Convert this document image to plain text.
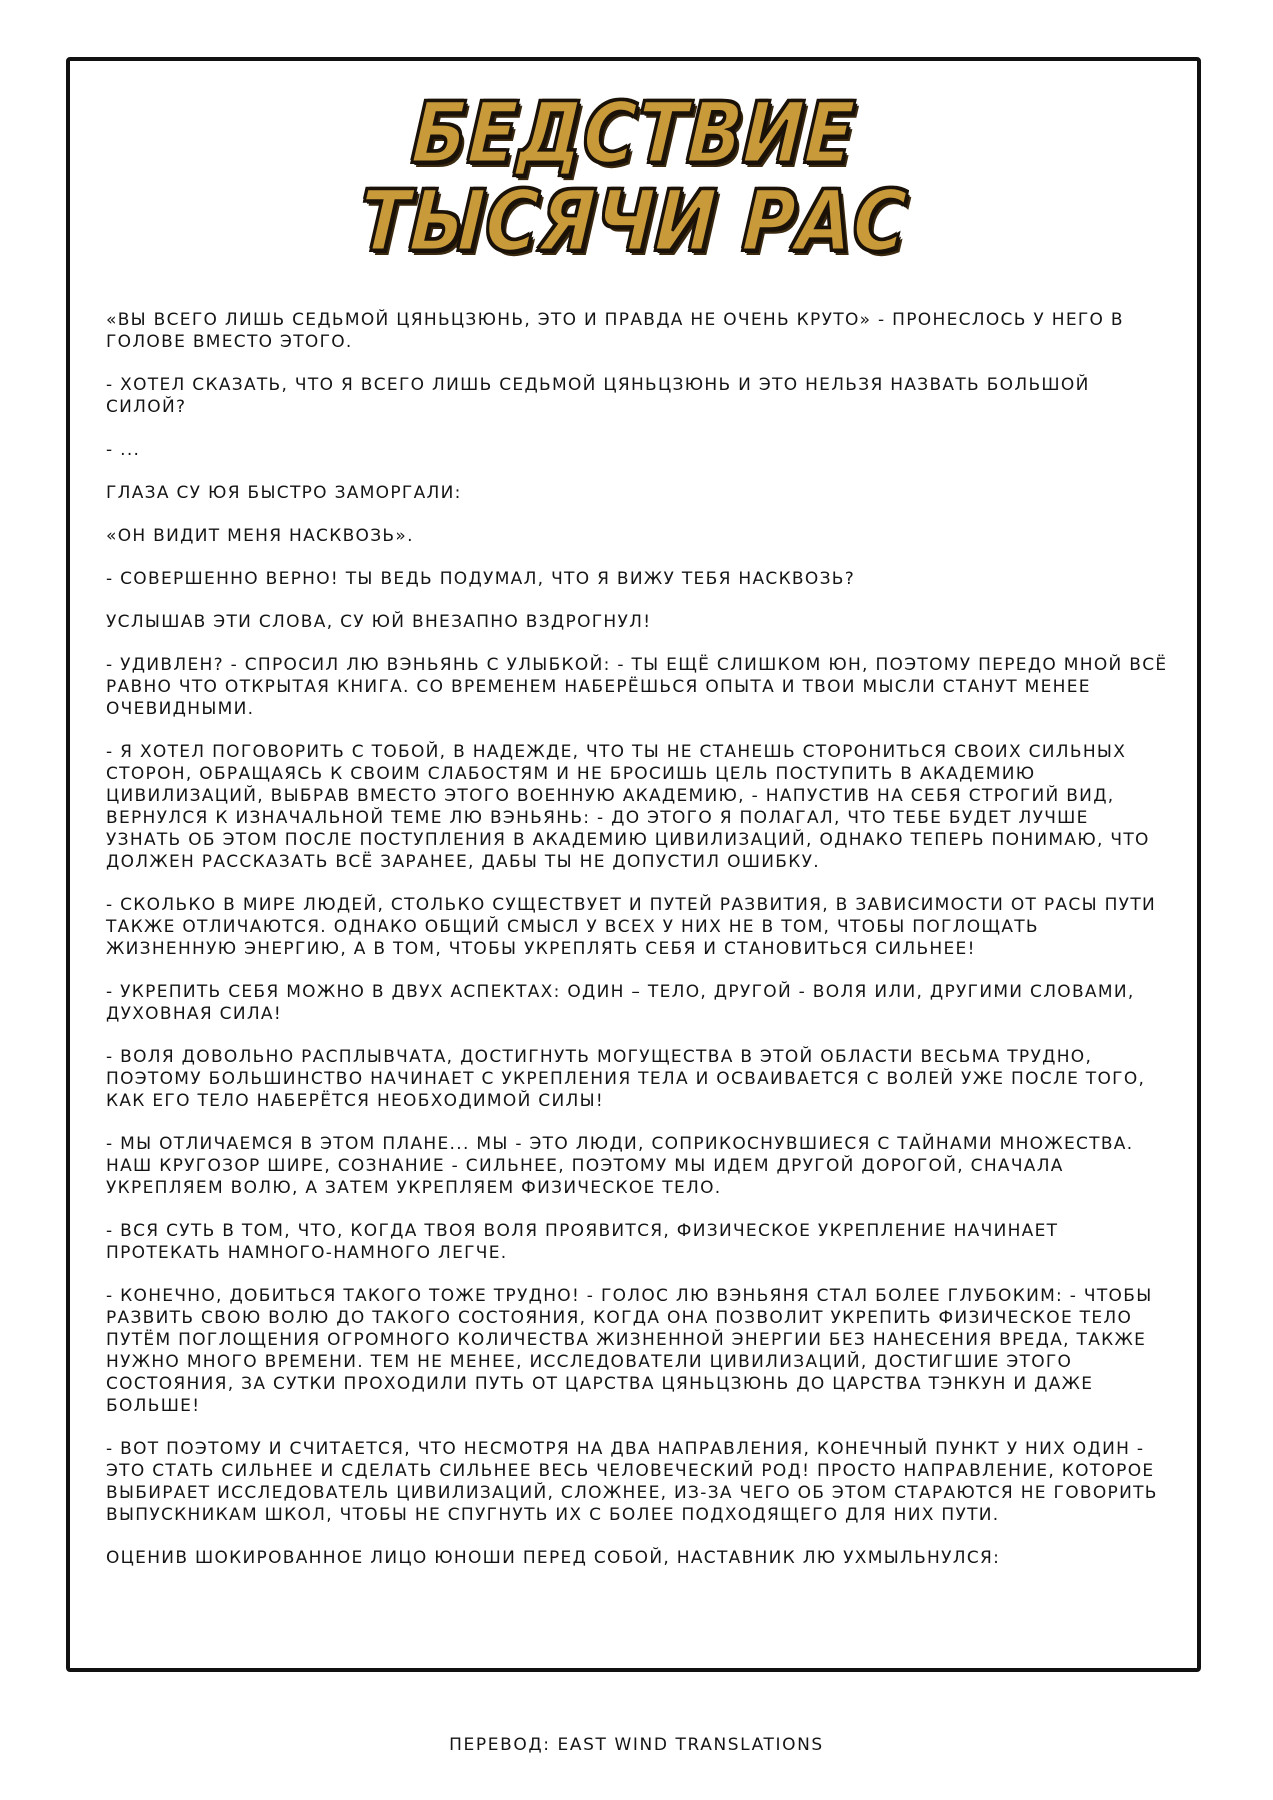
БЕДСТВИЕ
ТЫСЯЧИ РАС

«ВЫ ВСЕГО ЛИШЬ СЕДЬМОЙ ЦЯНЬЦЗЮНЬ, ЭТО И ПРАВДА НЕ ОЧЕНЬ КРУТО» - ПРОНЕСЛОСЬ У НЕГО В ГОЛОВЕ ВМЕСТО ЭТОГО.

- ХОТЕЛ СКАЗАТЬ, ЧТО Я ВСЕГО ЛИШЬ СЕДЬМОЙ ЦЯНЬЦЗЮНЬ И ЭТО НЕЛЬЗЯ НАЗВАТЬ БОЛЬШОЙ СИЛОЙ?

- ...

ГЛАЗА СУ ЮЯ БЫСТРО ЗАМОРГАЛИ:

«ОН ВИДИТ МЕНЯ НАСКВОЗЬ».

- СОВЕРШЕННО ВЕРНО! ТЫ ВЕДЬ ПОДУМАЛ, ЧТО Я ВИЖУ ТЕБЯ НАСКВОЗЬ?

УСЛЫШАВ ЭТИ СЛОВА, СУ ЮЙ ВНЕЗАПНО ВЗДРОГНУЛ!

- УДИВЛЕН? - СПРОСИЛ ЛЮ ВЭНЬЯНЬ С УЛЫБКОЙ: - ТЫ ЕЩЁ СЛИШКОМ ЮН, ПОЭТОМУ ПЕРЕДО МНОЙ ВСЁ РАВНО ЧТО ОТКРЫТАЯ КНИГА. СО ВРЕМЕНЕМ НАБЕРЁШЬСЯ ОПЫТА И ТВОИ МЫСЛИ СТАНУТ МЕНЕЕ ОЧЕВИДНЫМИ.

- Я ХОТЕЛ ПОГОВОРИТЬ С ТОБОЙ, В НАДЕЖДЕ, ЧТО ТЫ НЕ СТАНЕШЬ СТОРОНИТЬСЯ СВОИХ СИЛЬНЫХ СТОРОН, ОБРАЩАЯСЬ К СВОИМ СЛАБОСТЯМ И НЕ БРОСИШЬ ЦЕЛЬ ПОСТУПИТЬ В АКАДЕМИЮ ЦИВИЛИЗАЦИЙ, ВЫБРАВ ВМЕСТО ЭТОГО ВОЕННУЮ АКАДЕМИЮ, - НАПУСТИВ НА СЕБЯ СТРОГИЙ ВИД, ВЕРНУЛСЯ К ИЗНАЧАЛЬНОЙ ТЕМЕ ЛЮ ВЭНЬЯНЬ: - ДО ЭТОГО Я ПОЛАГАЛ, ЧТО ТЕБЕ БУДЕТ ЛУЧШЕ УЗНАТЬ ОБ ЭТОМ ПОСЛЕ ПОСТУПЛЕНИЯ В АКАДЕМИЮ ЦИВИЛИЗАЦИЙ, ОДНАКО ТЕПЕРЬ ПОНИМАЮ, ЧТО ДОЛЖЕН РАССКАЗАТЬ ВСЁ ЗАРАНЕЕ, ДАБЫ ТЫ НЕ ДОПУСТИЛ ОШИБКУ.

- СКОЛЬКО В МИРЕ ЛЮДЕЙ, СТОЛЬКО СУЩЕСТВУЕТ И ПУТЕЙ РАЗВИТИЯ, В ЗАВИСИМОСТИ ОТ РАСЫ ПУТИ ТАКЖЕ ОТЛИЧАЮТСЯ. ОДНАКО ОБЩИЙ СМЫСЛ У ВСЕХ У НИХ НЕ В ТОМ, ЧТОБЫ ПОГЛОЩАТЬ ЖИЗНЕННУЮ ЭНЕРГИЮ, А В ТОМ, ЧТОБЫ УКРЕПЛЯТЬ СЕБЯ И СТАНОВИТЬСЯ СИЛЬНЕЕ!

- УКРЕПИТЬ СЕБЯ МОЖНО В ДВУХ АСПЕКТАХ: ОДИН – ТЕЛО, ДРУГОЙ - ВОЛЯ ИЛИ, ДРУГИМИ СЛОВАМИ, ДУХОВНАЯ СИЛА!

- ВОЛЯ ДОВОЛЬНО РАСПЛЫВЧАТА, ДОСТИГНУТЬ МОГУЩЕСТВА В ЭТОЙ ОБЛАСТИ ВЕСЬМА ТРУДНО, ПОЭТОМУ БОЛЬШИНСТВО НАЧИНАЕТ С УКРЕПЛЕНИЯ ТЕЛА И ОСВАИВАЕТСЯ С ВОЛЕЙ УЖЕ ПОСЛЕ ТОГО, КАК ЕГО ТЕЛО НАБЕРЁТСЯ НЕОБХОДИМОЙ СИЛЫ!

- МЫ ОТЛИЧАЕМСЯ В ЭТОМ ПЛАНЕ... МЫ - ЭТО ЛЮДИ, СОПРИКОСНУВШИЕСЯ С ТАЙНАМИ МНОЖЕСТВА. НАШ КРУГОЗОР ШИРЕ, СОЗНАНИЕ - СИЛЬНЕЕ, ПОЭТОМУ МЫ ИДЕМ ДРУГОЙ ДОРОГОЙ, СНАЧАЛА УКРЕПЛЯЕМ ВОЛЮ, А ЗАТЕМ УКРЕПЛЯЕМ ФИЗИЧЕСКОЕ ТЕЛО.

- ВСЯ СУТЬ В ТОМ, ЧТО, КОГДА ТВОЯ ВОЛЯ ПРОЯВИТСЯ, ФИЗИЧЕСКОЕ УКРЕПЛЕНИЕ НАЧИНАЕТ ПРОТЕКАТЬ НАМНОГО-НАМНОГО ЛЕГЧЕ.

- КОНЕЧНО, ДОБИТЬСЯ ТАКОГО ТОЖЕ ТРУДНО! - ГОЛОС ЛЮ ВЭНЬЯНЯ СТАЛ БОЛЕЕ ГЛУБОКИМ: - ЧТОБЫ РАЗВИТЬ СВОЮ ВОЛЮ ДО ТАКОГО СОСТОЯНИЯ, КОГДА ОНА ПОЗВОЛИТ УКРЕПИТЬ ФИЗИЧЕСКОЕ ТЕЛО ПУТЁМ ПОГЛОЩЕНИЯ ОГРОМНОГО КОЛИЧЕСТВА ЖИЗНЕННОЙ ЭНЕРГИИ БЕЗ НАНЕСЕНИЯ ВРЕДА, ТАКЖЕ НУЖНО МНОГО ВРЕМЕНИ. ТЕМ НЕ МЕНЕЕ, ИССЛЕДОВАТЕЛИ ЦИВИЛИЗАЦИЙ, ДОСТИГШИЕ ЭТОГО СОСТОЯНИЯ, ЗА СУТКИ ПРОХОДИЛИ ПУТЬ ОТ ЦАРСТВА ЦЯНЬЦЗЮНЬ ДО ЦАРСТВА ТЭНКУН И ДАЖЕ БОЛЬШЕ!

- ВОТ ПОЭТОМУ И СЧИТАЕТСЯ, ЧТО НЕСМОТРЯ НА ДВА НАПРАВЛЕНИЯ, КОНЕЧНЫЙ ПУНКТ У НИХ ОДИН - ЭТО СТАТЬ СИЛЬНЕЕ И СДЕЛАТЬ СИЛЬНЕЕ ВЕСЬ ЧЕЛОВЕЧЕСКИЙ РОД! ПРОСТО НАПРАВЛЕНИЕ, КОТОРОЕ ВЫБИРАЕТ ИССЛЕДОВАТЕЛЬ ЦИВИЛИЗАЦИЙ, СЛОЖНЕЕ, ИЗ-ЗА ЧЕГО ОБ ЭТОМ СТАРАЮТСЯ НЕ ГОВОРИТЬ ВЫПУСКНИКАМ ШКОЛ, ЧТОБЫ НЕ СПУГНУТЬ ИХ С БОЛЕЕ ПОДХОДЯЩЕГО ДЛЯ НИХ ПУТИ.

ОЦЕНИВ ШОКИРОВАННОЕ ЛИЦО ЮНОШИ ПЕРЕД СОБОЙ, НАСТАВНИК ЛЮ УХМЫЛЬНУЛСЯ:

ПЕРЕВОД: EAST WIND TRANSLATIONS
